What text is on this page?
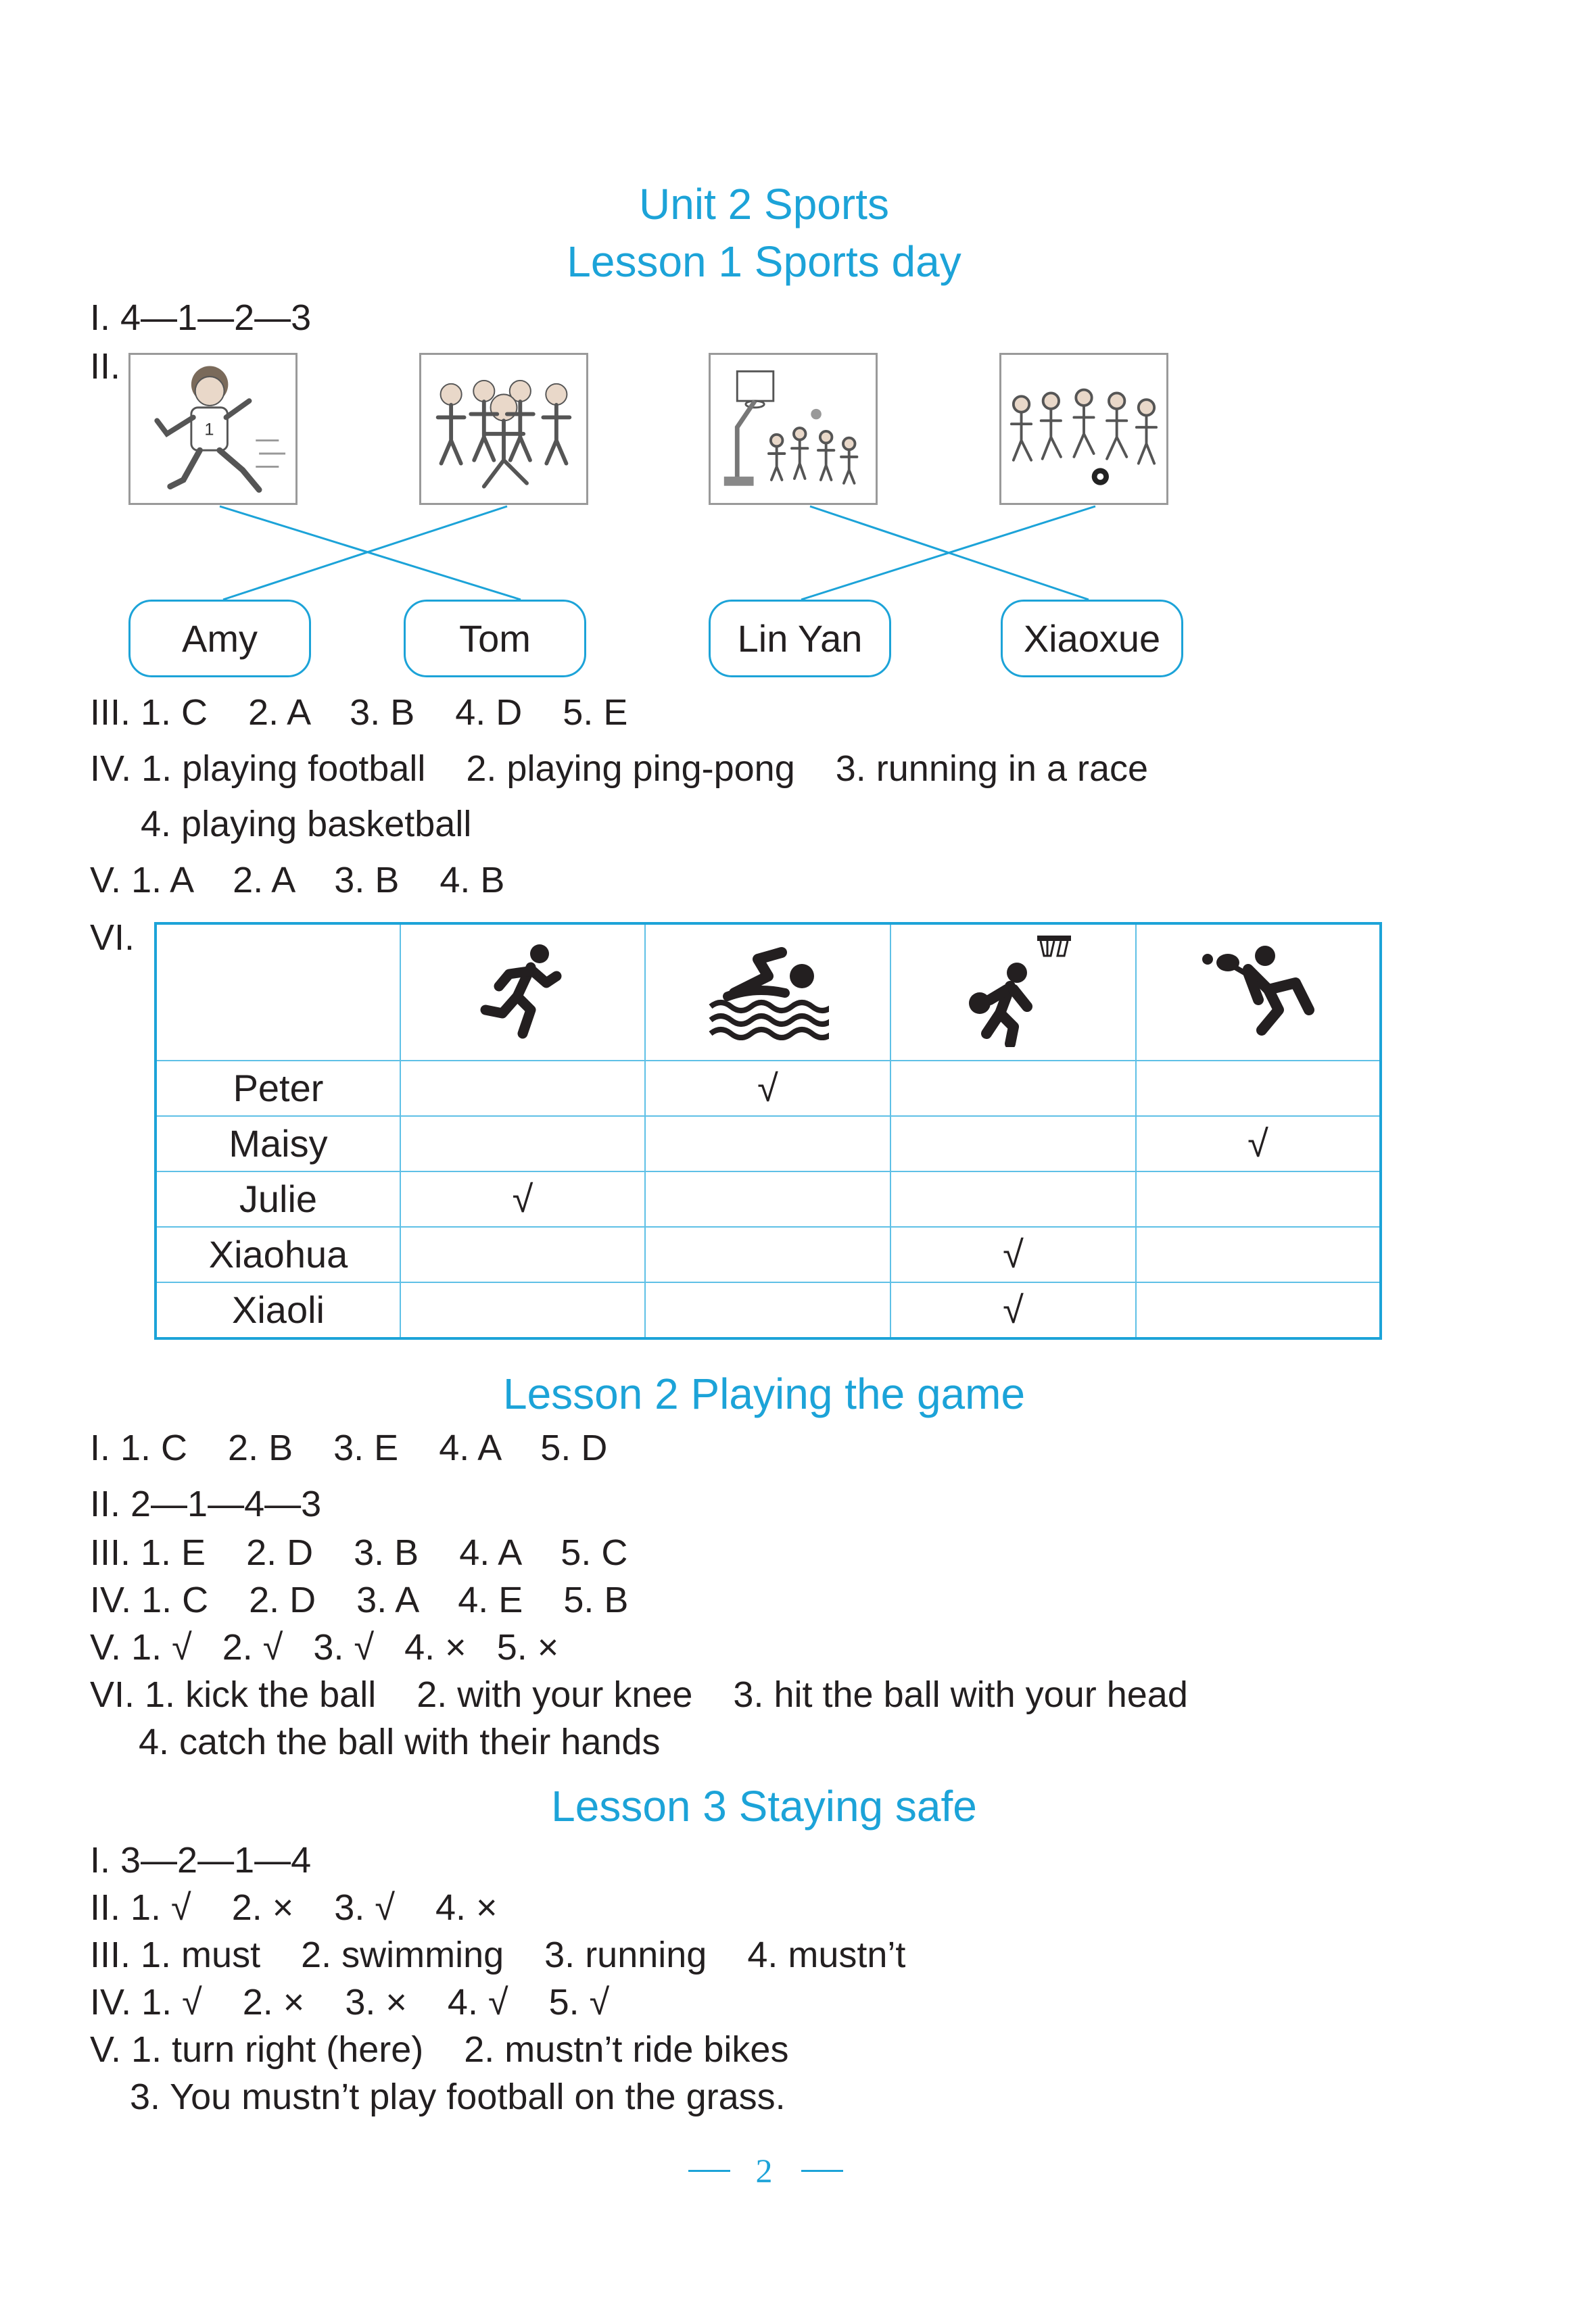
Unit 2 Sports
Lesson 1 Sports day
I. 4—1—2—3
II.
1
Amy	Tom	Lin Yan	Xiaoxue
III. 1. C    2. A    3. B    4. D    5. E
IV. 1. playing football    2. playing ping-pong    3. running in a race
4. playing basketball
V. 1. A    2. A    3. B    4. B
VI.

Peter		√		
Maisy				√
Julie	√			
Xiaohua			√	
Xiaoli			√	
Lesson 2 Playing the game
I. 1. C    2. B    3. E    4. A    5. D
II. 2—1—4—3
III. 1. E    2. D    3. B    4. A    5. C
IV. 1. C    2. D    3. A    4. E    5. B
V. 1. √   2. √   3. √   4. ×   5. ×
VI. 1. kick the ball    2. with your knee    3. hit the ball with your head
4. catch the ball with their hands
Lesson 3 Staying safe
I. 3—2—1—4
II. 1. √    2. ×    3. √    4. ×
III. 1. must    2. swimming    3. running    4. mustn’t
IV. 1. √    2. ×    3. ×    4. √    5. √
V. 1. turn right (here)    2. mustn’t ride bikes
3. You mustn’t play football on the grass.
2
